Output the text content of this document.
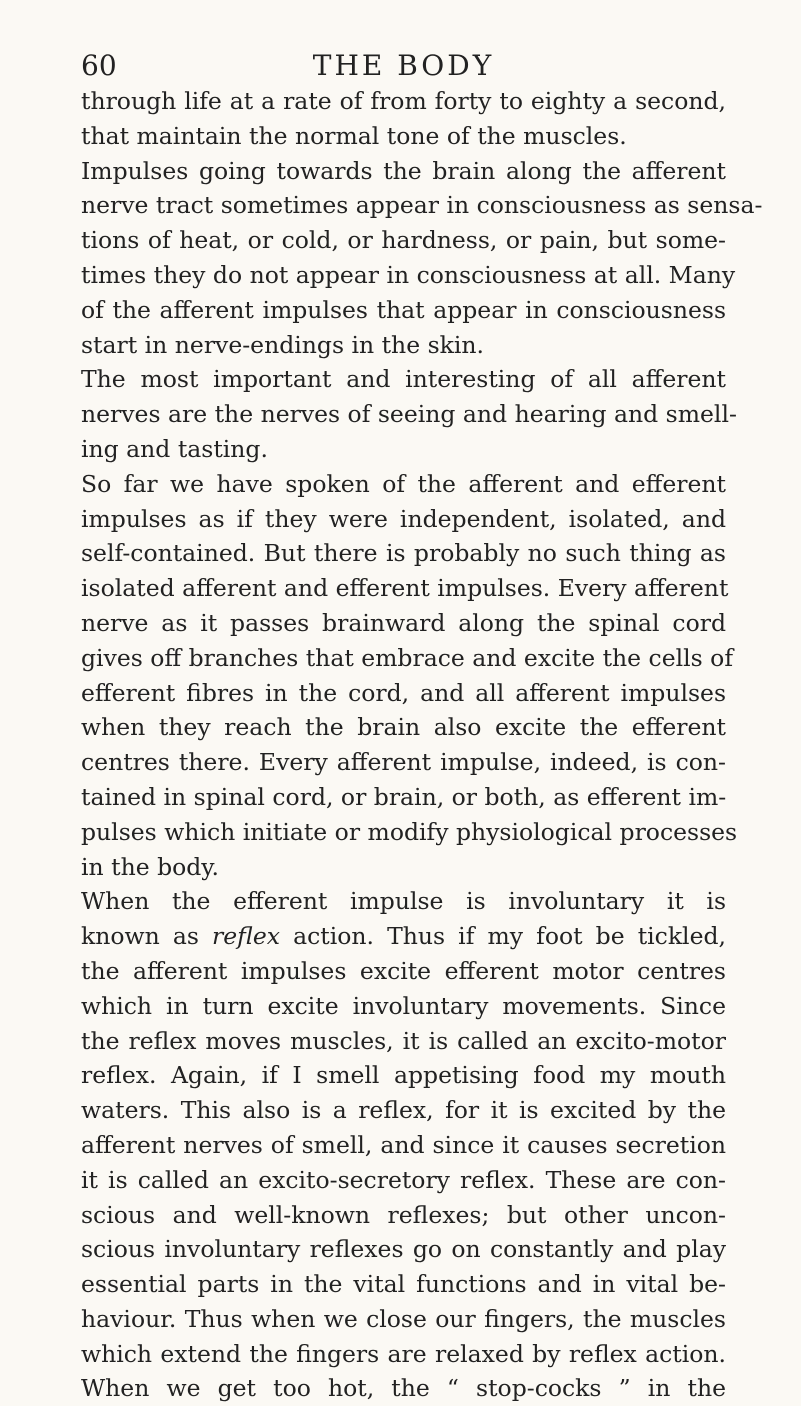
60	THE BODY
through life at a rate of from forty to eighty a second,
that maintain the normal tone of the muscles.
Impulses going towards the brain along the afferent
nerve tract sometimes appear in consciousness as sensa-
tions of heat, or cold, or hardness, or pain, but some-
times they do not appear in consciousness at all. Many
of the afferent impulses that appear in consciousness
start in nerve-endings in the skin.
The most important and interesting of all afferent
nerves are the nerves of seeing and hearing and smell-
ing and tasting.
So far we have spoken of the afferent and efferent
impulses as if they were independent, isolated, and
self-contained. But there is probably no such thing as
isolated afferent and efferent impulses. Every afferent
nerve as it passes brainward along the spinal cord
gives off branches that embrace and excite the cells of
efferent fibres in the cord, and all afferent impulses
when they reach the brain also excite the efferent
centres there. Every afferent impulse, indeed, is con-
tained in spinal cord, or brain, or both, as efferent im-
pulses which initiate or modify physiological processes
in the body.
When the efferent impulse is involuntary it is
known as reflex action. Thus if my foot be tickled,
the afferent impulses excite efferent motor centres
which in turn excite involuntary movements. Since
the reflex moves muscles, it is called an excito-motor
reflex. Again, if I smell appetising food my mouth
waters. This also is a reflex, for it is excited by the
afferent nerves of smell, and since it causes secretion
it is called an excito-secretory reflex. These are con-
scious and well-known reflexes; but other uncon-
scious involuntary reflexes go on constantly and play
essential parts in the vital functions and in vital be-
haviour. Thus when we close our fingers, the muscles
which extend the fingers are relaxed by reflex action.
When we get too hot, the “ stop-cocks ” in the
